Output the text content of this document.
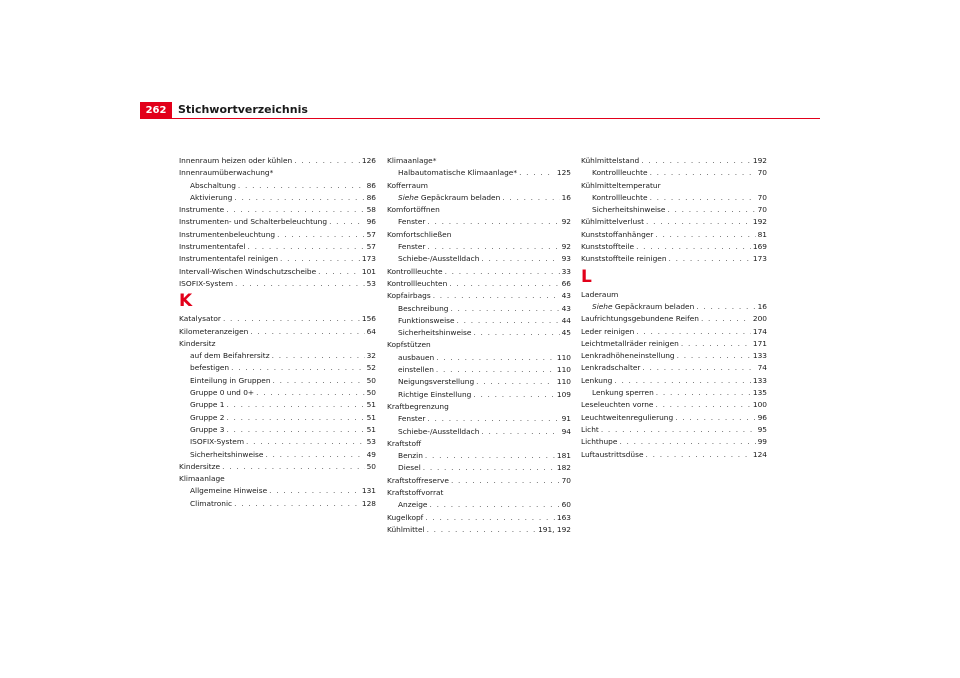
262	Stichwortverzeichnis
Innenraum heizen oder kühlen . . .	126
Innenraumüberwachung*
Abschaltung . . .	86
Aktivierung . . .	86
Instrumente . . .	58
Instrumenten- und Schalterbeleuchtung . . .	96
Instrumentenbeleuchtung . . .	57
Instrumententafel . . .	57
Instrumententafel reinigen . . .	173
Intervall-Wischen Windschutzscheibe . . .	101
ISOFIX-System . . .	53
K
Katalysator . . .	156
Kilometeranzeigen . . .	64
Kindersitz
auf dem Beifahrersitz . . .	32
befestigen . . .	52
Einteilung in Gruppen . . .	50
Gruppe 0 und 0+ . . .	50
Gruppe 1 . . .	51
Gruppe 2 . . .	51
Gruppe 3 . . .	51
ISOFIX-System . . .	53
Sicherheitshinweise . . .	49
Kindersitze . . .	50
Klimaanlage
Allgemeine Hinweise . . .	131
Climatronic . . .	128
Klimaanlage*
Halbautomatische Klimaanlage* . . .	125
Kofferraum
Siehe Gepäckraum beladen . . .	16
Komfortöffnen
Fenster . . .	92
Komfortschließen
Fenster . . .	92
Schiebe-/Ausstelldach . . .	93
Kontrollleuchte . . .	33
Kontrollleuchten . . .	66
Kopfairbags . . .	43
Beschreibung . . .	43
Funktionsweise . . .	44
Sicherheitshinweise . . .	45
Kopfstützen
ausbauen . . .	110
einstellen . . .	110
Neigungsverstellung . . .	110
Richtige Einstellung . . .	109
Kraftbegrenzung
Fenster . . .	91
Schiebe-/Ausstelldach . . .	94
Kraftstoff
Benzin . . .	181
Diesel . . .	182
Kraftstoffreserve . . .	70
Kraftstoffvorrat
Anzeige . . .	60
Kugelkopf . . .	163
Kühlmittel . . .	191, 192
Kühlmittelstand . . .	192
Kontrollleuchte . . .	70
Kühlmitteltemperatur
Kontrollleuchte . . .	70
Sicherheitshinweise . . .	70
Kühlmittelverlust . . .	192
Kunststoffanhänger . . .	81
Kunststoffteile . . .	169
Kunststoffteile reinigen . . .	173
L
Laderaum
Siehe Gepäckraum beladen . . .	16
Laufrichtungsgebundene Reifen . . .	200
Leder reinigen . . .	174
Leichtmetallräder reinigen . . .	171
Lenkradhöheneinstellung . . .	133
Lenkradschalter . . .	74
Lenkung . . .	133
Lenkung sperren . . .	135
Leseleuchten vorne . . .	100
Leuchtweitenregulierung . . .	96
Licht . . .	95
Lichthupe . . .	99
Luftaustrittsdüse . . .	124
